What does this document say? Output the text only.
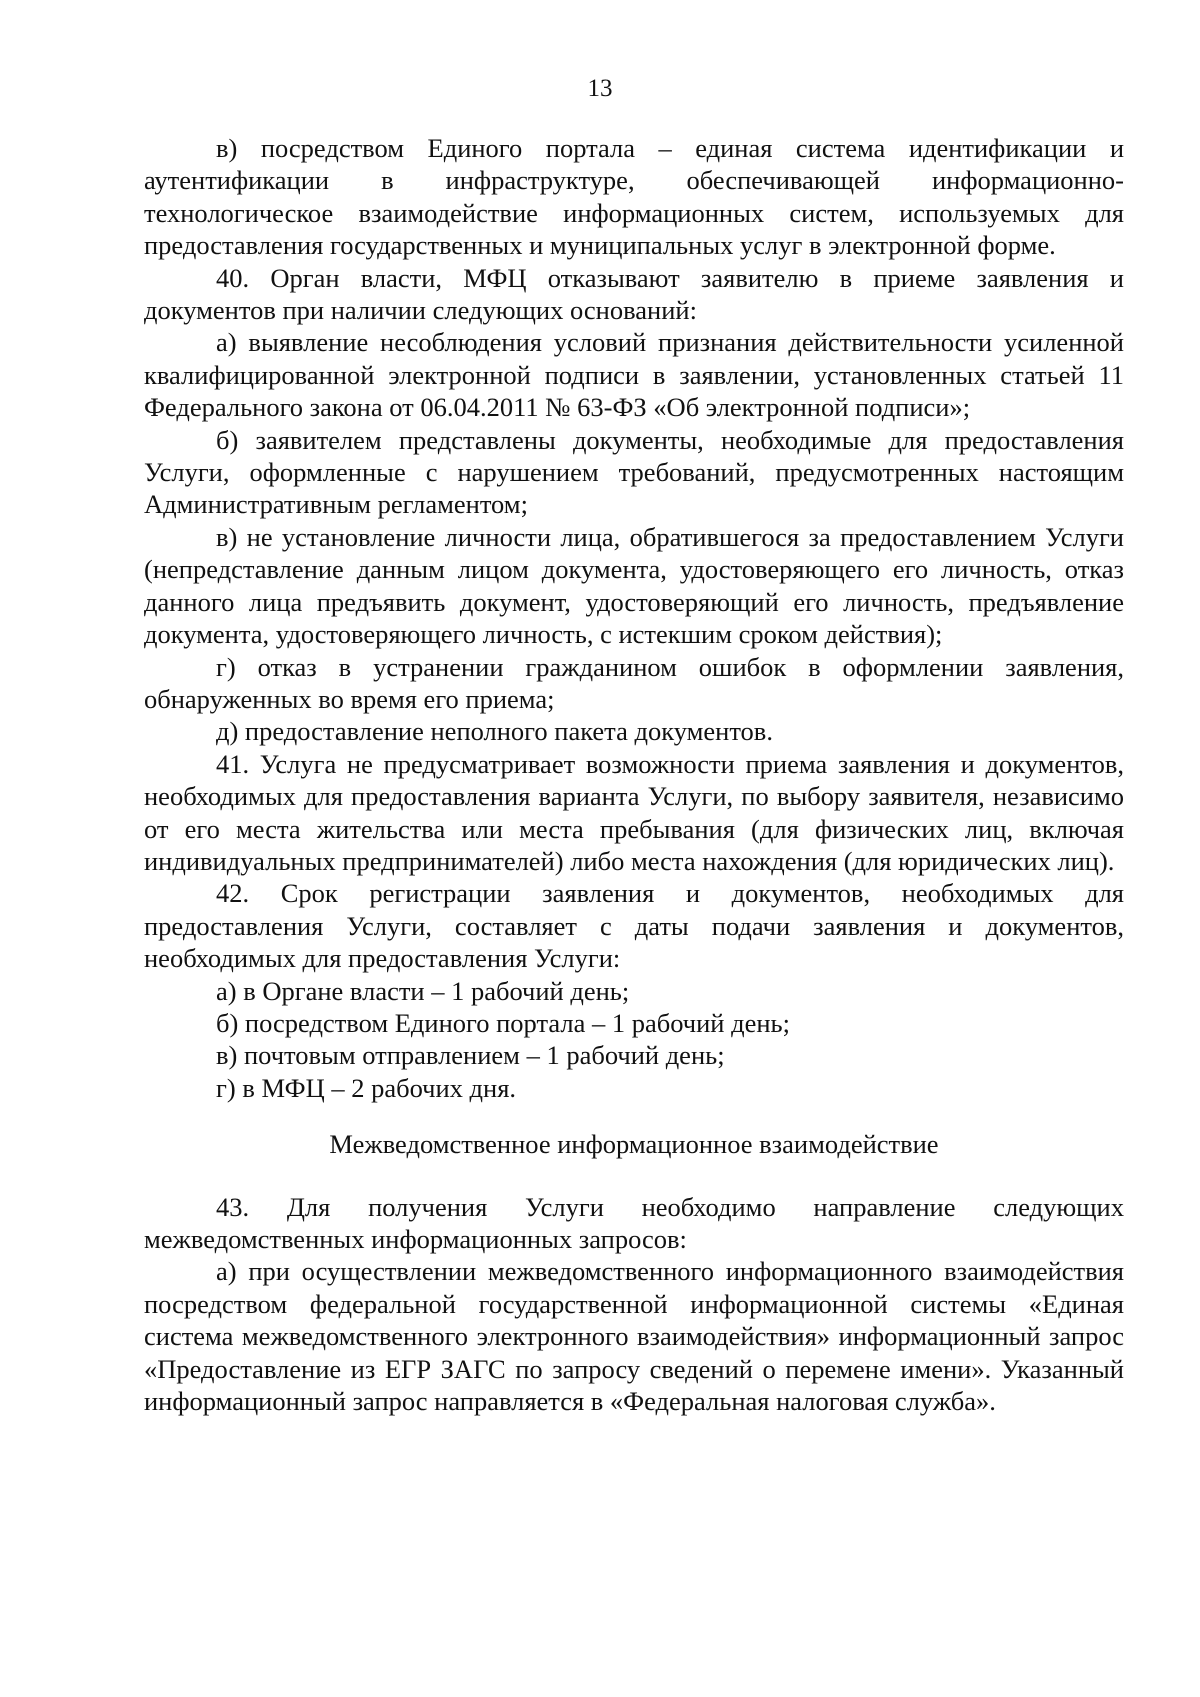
13

в) посредством Единого портала – единая система идентификации и аутентификации в инфраструктуре, обеспечивающей информационно-технологическое взаимодействие информационных систем, используемых для предоставления государственных и муниципальных услуг в электронной форме.

40. Орган власти, МФЦ отказывают заявителю в приеме заявления и документов при наличии следующих оснований:

а) выявление несоблюдения условий признания действительности усиленной квалифицированной электронной подписи в заявлении, установленных статьей 11 Федерального закона от 06.04.2011 № 63-ФЗ «Об электронной подписи»;

б) заявителем представлены документы, необходимые для предоставления Услуги, оформленные с нарушением требований, предусмотренных настоящим Административным регламентом;

в) не установление личности лица, обратившегося за предоставлением Услуги (непредставление данным лицом документа, удостоверяющего его личность, отказ данного лица предъявить документ, удостоверяющий его личность, предъявление документа, удостоверяющего личность, с истекшим сроком действия);

г) отказ в устранении гражданином ошибок в оформлении заявления, обнаруженных во время его приема;

д) предоставление неполного пакета документов.

41. Услуга не предусматривает возможности приема заявления и документов, необходимых для предоставления варианта Услуги, по выбору заявителя, независимо от его места жительства или места пребывания (для физических лиц, включая индивидуальных предпринимателей) либо места нахождения (для юридических лиц).

42. Срок регистрации заявления и документов, необходимых для предоставления Услуги, составляет с даты подачи заявления и документов, необходимых для предоставления Услуги:

а) в Органе власти – 1 рабочий день;

б) посредством Единого портала – 1 рабочий день;

в) почтовым отправлением – 1 рабочий день;

г) в МФЦ – 2 рабочих дня.

Межведомственное информационное взаимодействие

43. Для получения Услуги необходимо направление следующих межведомственных информационных запросов:

а) при осуществлении межведомственного информационного взаимодействия посредством федеральной государственной информационной системы «Единая система межведомственного электронного взаимодействия» информационный запрос «Предоставление из ЕГР ЗАГС по запросу сведений о перемене имени». Указанный информационный запрос направляется в «Федеральная налоговая служба».
